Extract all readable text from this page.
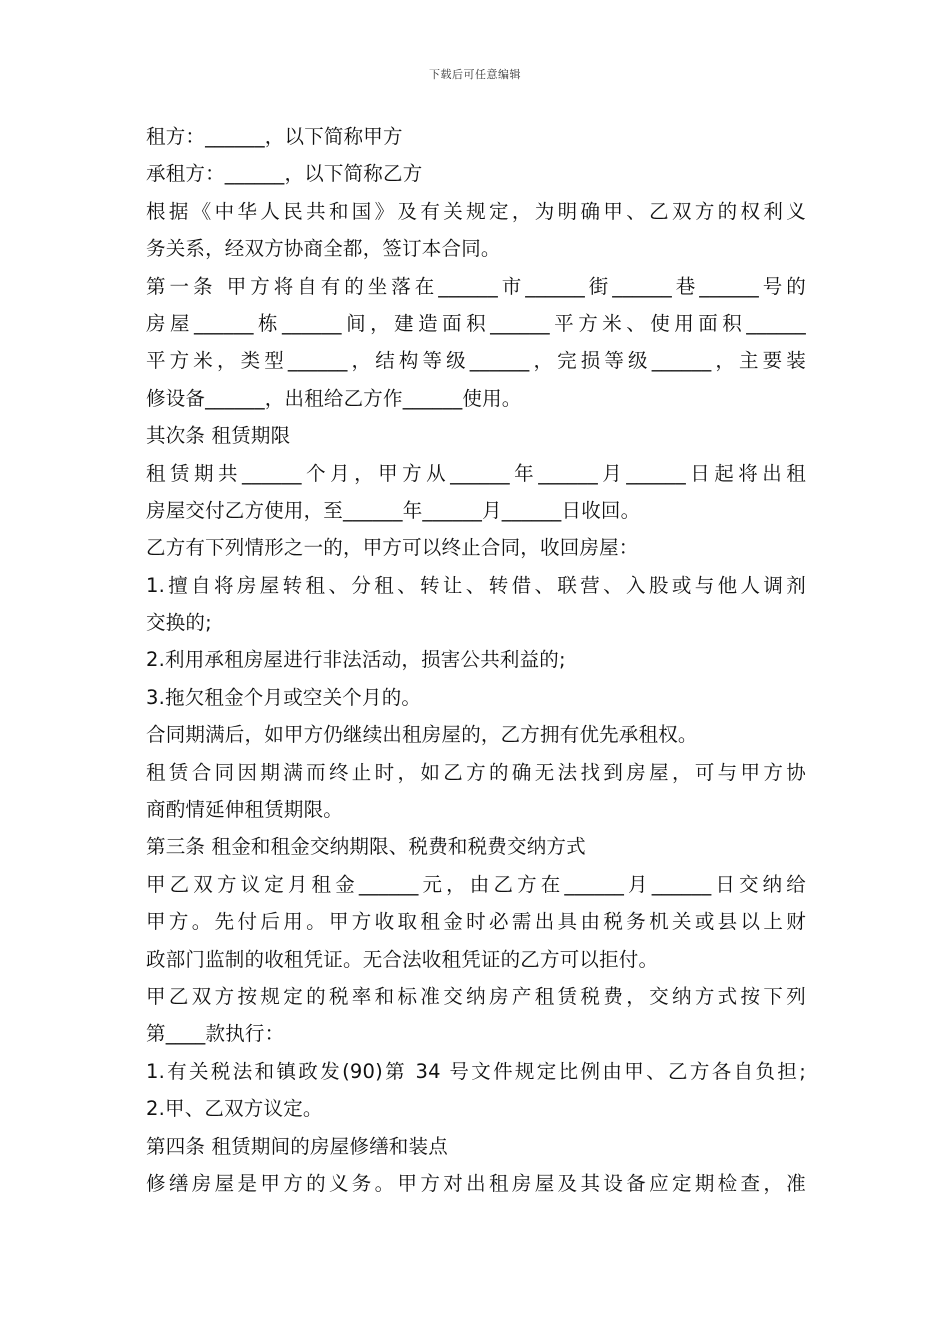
下载后可任意编辑
租方：______，以下简称甲方
承租方：______，以下简称乙方
根据《中华人民共和国》及有关规定，为明确甲、乙双方的权利义
务关系，经双方协商全都，签订本合同。
第一条 甲方将自有的坐落在______市______街______巷______号的
房屋______栋______间，建造面积______平方米、使用面积______
平方米，类型______，结构等级______，完损等级______，主要装
修设备______，出租给乙方作______使用。
其次条 租赁期限
租赁期共______个月，甲方从______年______月______日起将出租
房屋交付乙方使用，至______年______月______日收回。
乙方有下列情形之一的，甲方可以终止合同，收回房屋：
1.擅自将房屋转租、分租、转让、转借、联营、入股或与他人调剂
交换的;
2.利用承租房屋进行非法活动，损害公共利益的;
3.拖欠租金个月或空关个月的。
合同期满后，如甲方仍继续出租房屋的，乙方拥有优先承租权。
租赁合同因期满而终止时，如乙方的确无法找到房屋，可与甲方协
商酌情延伸租赁期限。
第三条 租金和租金交纳期限、税费和税费交纳方式
甲乙双方议定月租金______元，由乙方在______月______日交纳给
甲方。先付后用。甲方收取租金时必需出具由税务机关或县以上财
政部门监制的收租凭证。无合法收租凭证的乙方可以拒付。
甲乙双方按规定的税率和标准交纳房产租赁税费，交纳方式按下列
第____款执行：
1.有关税法和镇政发(90)第 34 号文件规定比例由甲、乙方各自负担;
2.甲、乙双方议定。
第四条 租赁期间的房屋修缮和装点
修缮房屋是甲方的义务。甲方对出租房屋及其设备应定期检查，准
